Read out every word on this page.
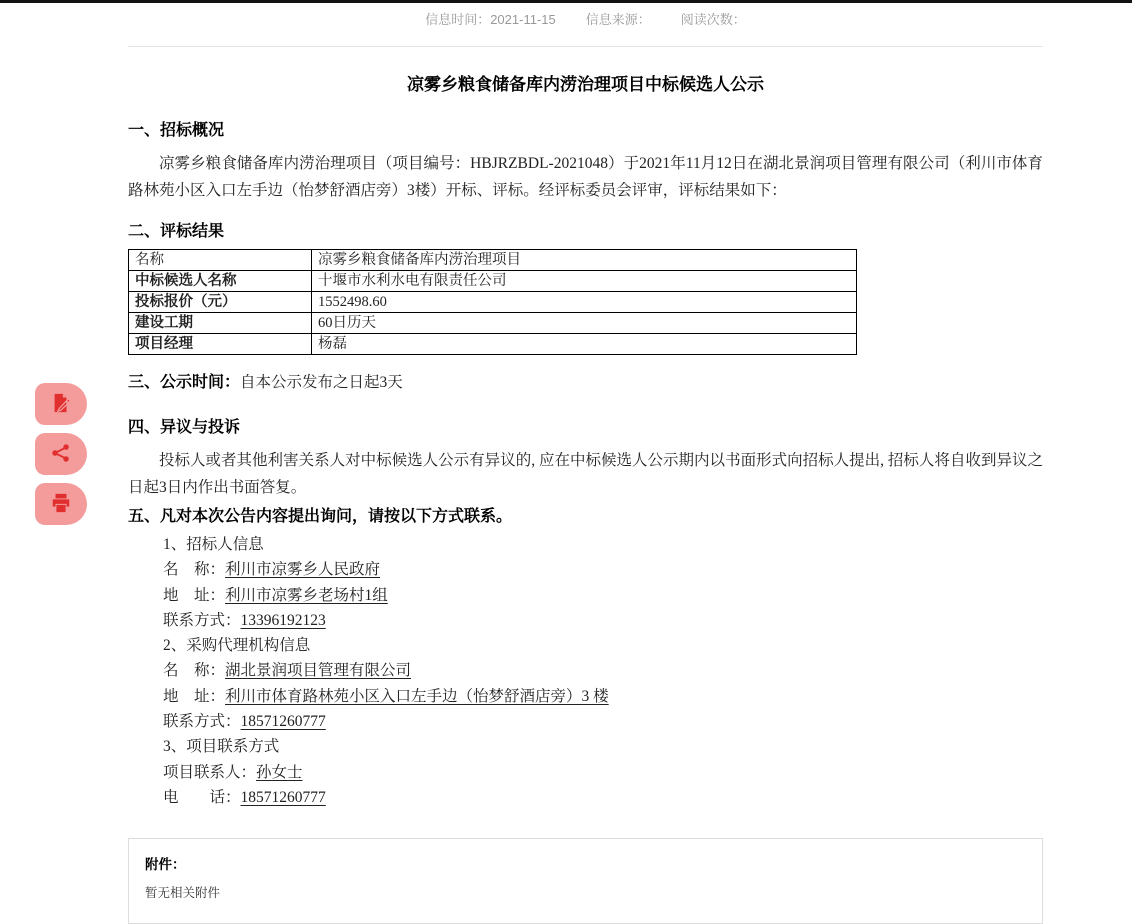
信息时间：2021-11-15 信息来源： 阅读次数：
凉雾乡粮食储备库内涝治理项目中标候选人公示
一、招标概况
凉雾乡粮食储备库内涝治理项目（项目编号：HBJRZBDL-2021048）于2021年11月12日在湖北景润项目管理有限公司（利川市体育路林苑小区入口左手边（怡梦舒酒店旁）3楼）开标、评标。经评标委员会评审，评标结果如下：
二、评标结果
名称	凉雾乡粮食储备库内涝治理项目
中标候选人名称	十堰市水利水电有限责任公司
投标报价（元）	1552498.60
建设工期	60日历天
项目经理	杨磊
三、公示时间：自本公示发布之日起3天
四、异议与投诉
投标人或者其他利害关系人对中标候选人公示有异议的, 应在中标候选人公示期内以书面形式向招标人提出, 招标人将自收到异议之日起3日内作出书面答复。
五、凡对本次公告内容提出询问，请按以下方式联系。
1、招标人信息
名　称：利川市凉雾乡人民政府
地　址：利川市凉雾乡老场村1组
联系方式：13396192123
2、采购代理机构信息
名　称：湖北景润项目管理有限公司
地　址：利川市体育路林苑小区入口左手边（怡梦舒酒店旁）3 楼
联系方式：18571260777
3、项目联系方式
项目联系人：孙女士
电　　话：18571260777
附件：
暂无相关附件
